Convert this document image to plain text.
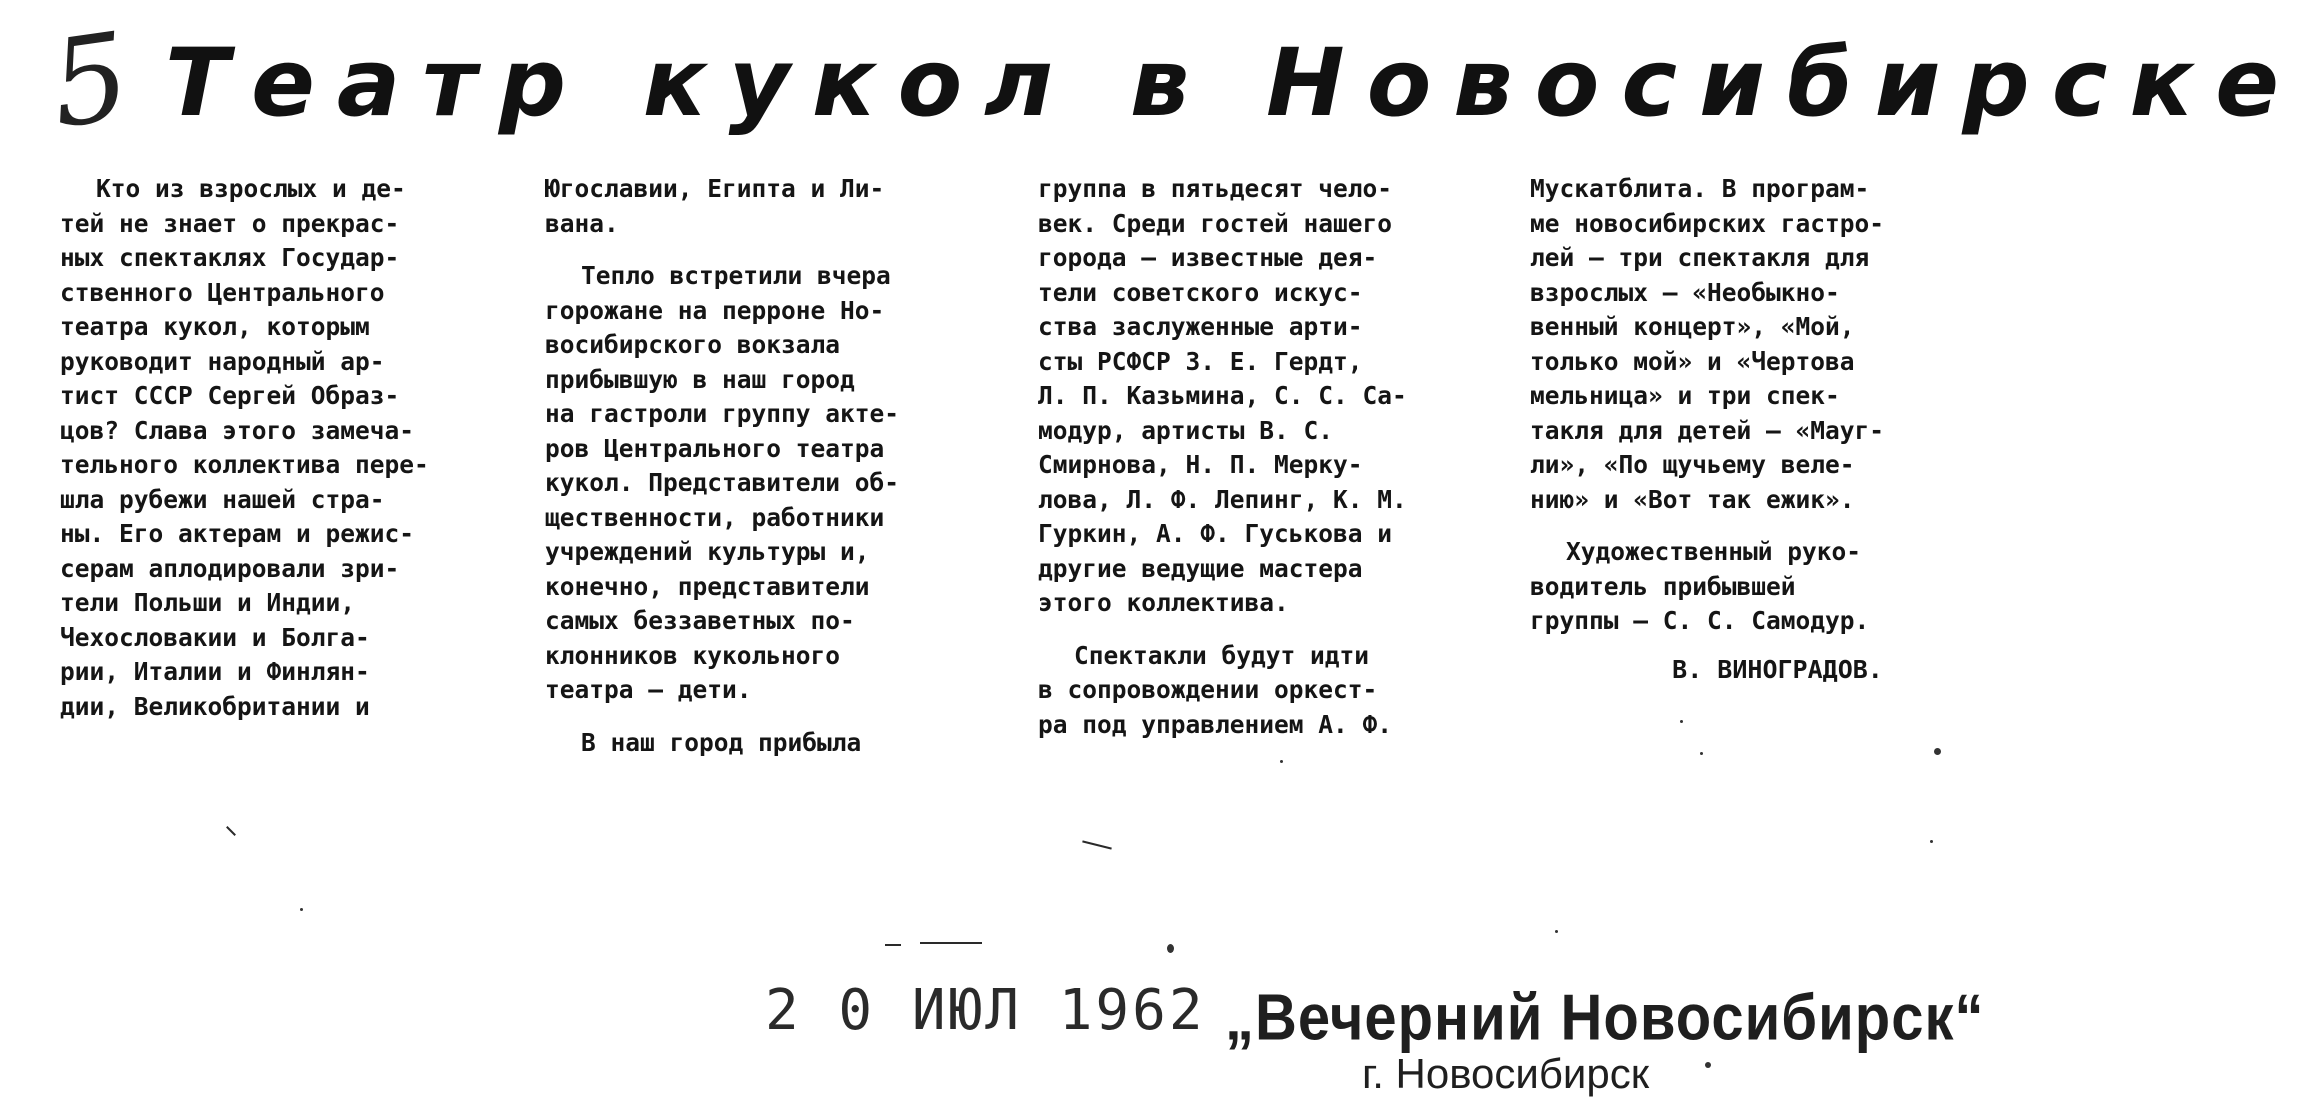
5 Театр кукол в Новосибирске

Кто из взрослых и де-
тей не знает о прекрас-
ных спектаклях Государ-
ственного Центрального
театра кукол, которым
руководит народный ар-
тист СССР Сергей Образ-
цов? Слава этого замеча-
тельного коллектива пере-
шла рубежи нашей стра-
ны. Его актерам и режис-
серам аплодировали зри-
тели Польши и Индии,
Чехословакии и Болга-
рии, Италии и Финлян-
дии, Великобритании и

Югославии, Египта и Ли-
вана.

Тепло встретили вчера
горожане на перроне Но-
восибирского вокзала
прибывшую в наш город
на гастроли группу акте-
ров Центрального театра
кукол. Представители об-
щественности, работники
учреждений культуры и,
конечно, представители
самых беззаветных по-
клонников кукольного
театра — дети.

В наш город прибыла

группа в пятьдесят чело-
век. Среди гостей нашего
города — известные дея-
тели советского искус-
ства заслуженные арти-
сты РСФСР З. Е. Гердт,
Л. П. Казьмина, С. С. Са-
модур, артисты В. С.
Смирнова, Н. П. Мерку-
лова, Л. Ф. Лепинг, К. М.
Гуркин, А. Ф. Гуськова и
другие ведущие мастера
этого коллектива.

Спектакли будут идти
в сопровождении оркест-
ра под управлением А. Ф.

Мускатблита. В програм-
ме новосибирских гастро-
лей — три спектакля для
взрослых — «Необыкно-
венный концерт», «Мой,
только мой» и «Чертова
мельница» и три спек-
такля для детей — «Мауг-
ли», «По щучьему веле-
нию» и «Вот так ежик».

Художественный руко-
водитель прибывшей
группы — С. С. Самодур.

В. ВИНОГРАДОВ.
2 0 ИЮЛ 1962 „Вечерний Новосибирск“
г. Новосибирск
